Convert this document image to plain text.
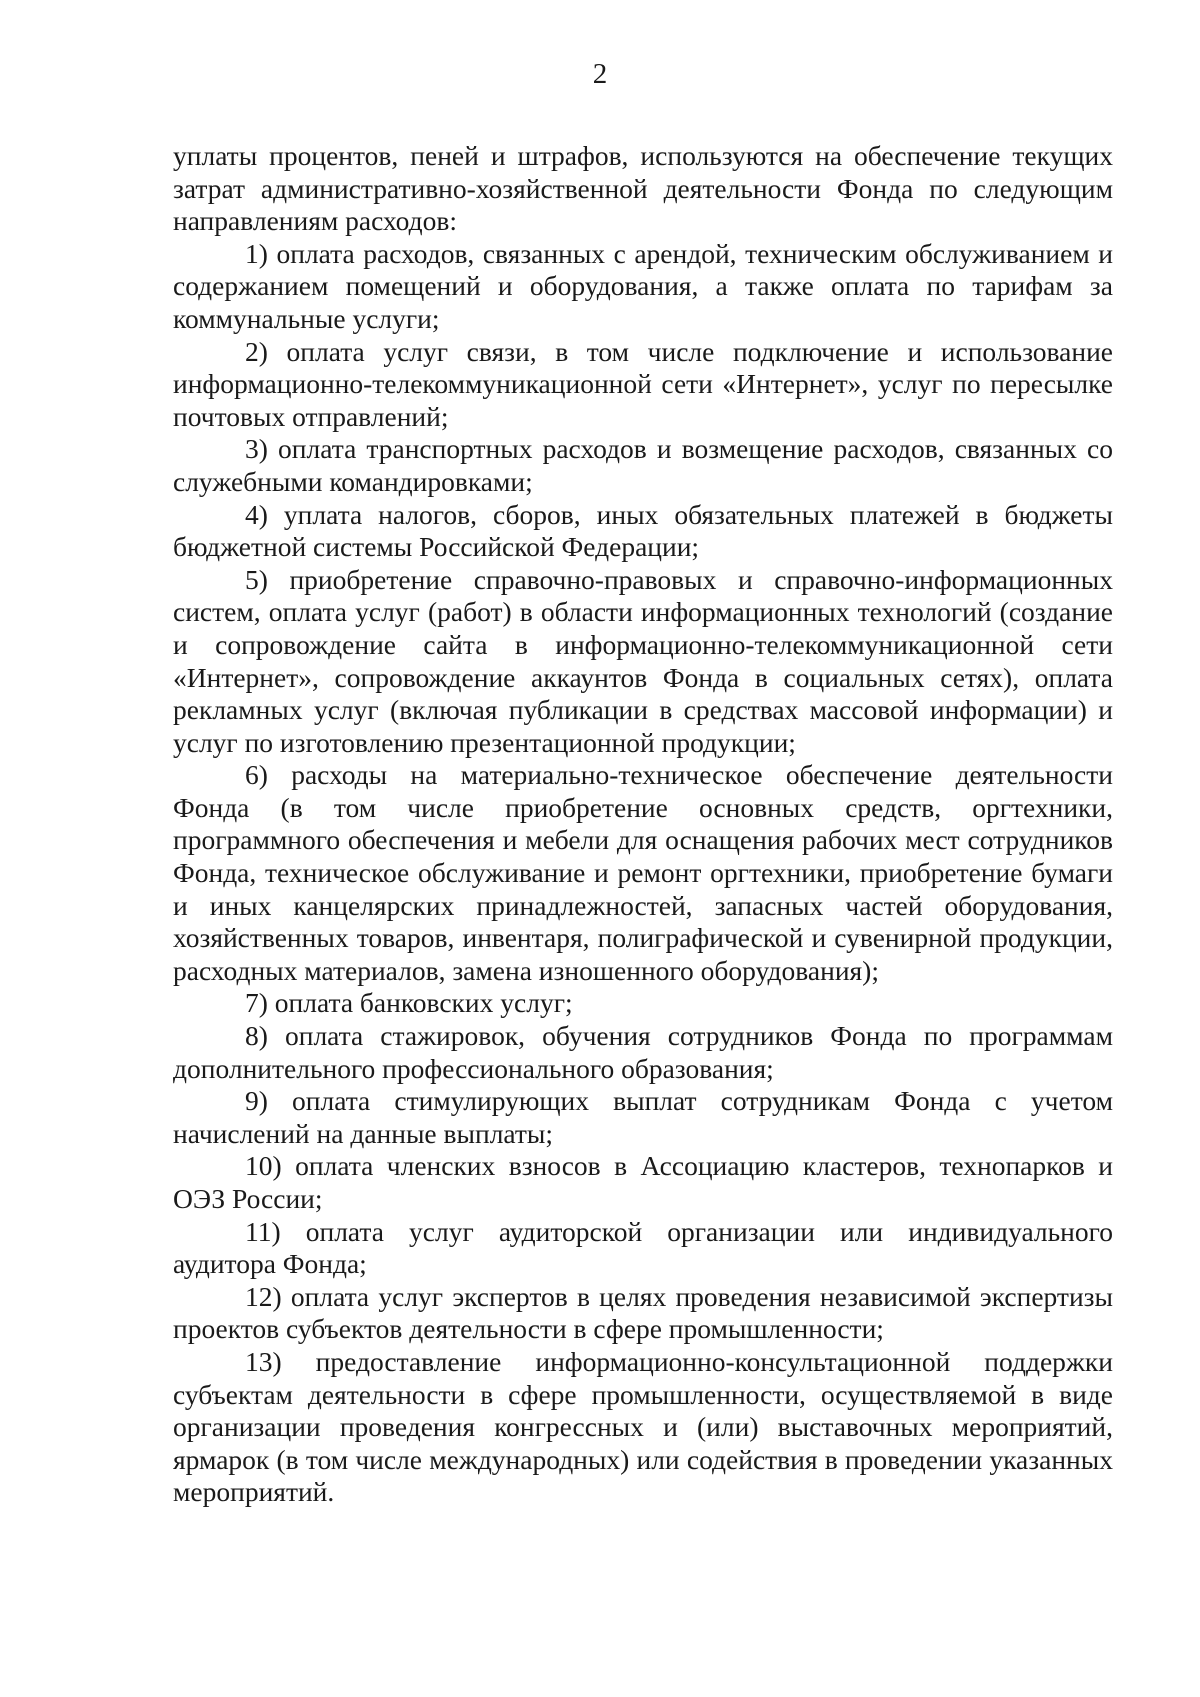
2

уплаты процентов, пеней и штрафов, используются на обеспечение текущих затрат административно-хозяйственной деятельности Фонда по следующим направлениям расходов:

1) оплата расходов, связанных с арендой, техническим обслуживанием и содержанием помещений и оборудования, а также оплата по тарифам за коммунальные услуги;

2) оплата услуг связи, в том числе подключение и использование информационно-телекоммуникационной сети «Интернет», услуг по пересылке почтовых отправлений;

3) оплата транспортных расходов и возмещение расходов, связанных со служебными командировками;

4) уплата налогов, сборов, иных обязательных платежей в бюджеты бюджетной системы Российской Федерации;

5) приобретение справочно-правовых и справочно-информационных систем, оплата услуг (работ) в области информационных технологий (создание и сопровождение сайта в информационно-телекоммуникационной сети «Интернет», сопровождение аккаунтов Фонда в социальных сетях), оплата рекламных услуг (включая публикации в средствах массовой информации) и услуг по изготовлению презентационной продукции;

6) расходы на материально-техническое обеспечение деятельности Фонда (в том числе приобретение основных средств, оргтехники, программного обеспечения и мебели для оснащения рабочих мест сотрудников Фонда, техническое обслуживание и ремонт оргтехники, приобретение бумаги и иных канцелярских принадлежностей, запасных частей оборудования, хозяйственных товаров, инвентаря, полиграфической и сувенирной продукции, расходных материалов, замена изношенного оборудования);

7) оплата банковских услуг;

8) оплата стажировок, обучения сотрудников Фонда по программам дополнительного профессионального образования;

9) оплата стимулирующих выплат сотрудникам Фонда с учетом начислений на данные выплаты;

10) оплата членских взносов в Ассоциацию кластеров, технопарков и ОЭЗ России;

11) оплата услуг аудиторской организации или индивидуального аудитора Фонда;

12) оплата услуг экспертов в целях проведения независимой экспертизы проектов субъектов деятельности в сфере промышленности;

13) предоставление информационно-консультационной поддержки субъектам деятельности в сфере промышленности, осуществляемой в виде организации проведения конгрессных и (или) выставочных мероприятий, ярмарок (в том числе международных) или содействия в проведении указанных мероприятий.
